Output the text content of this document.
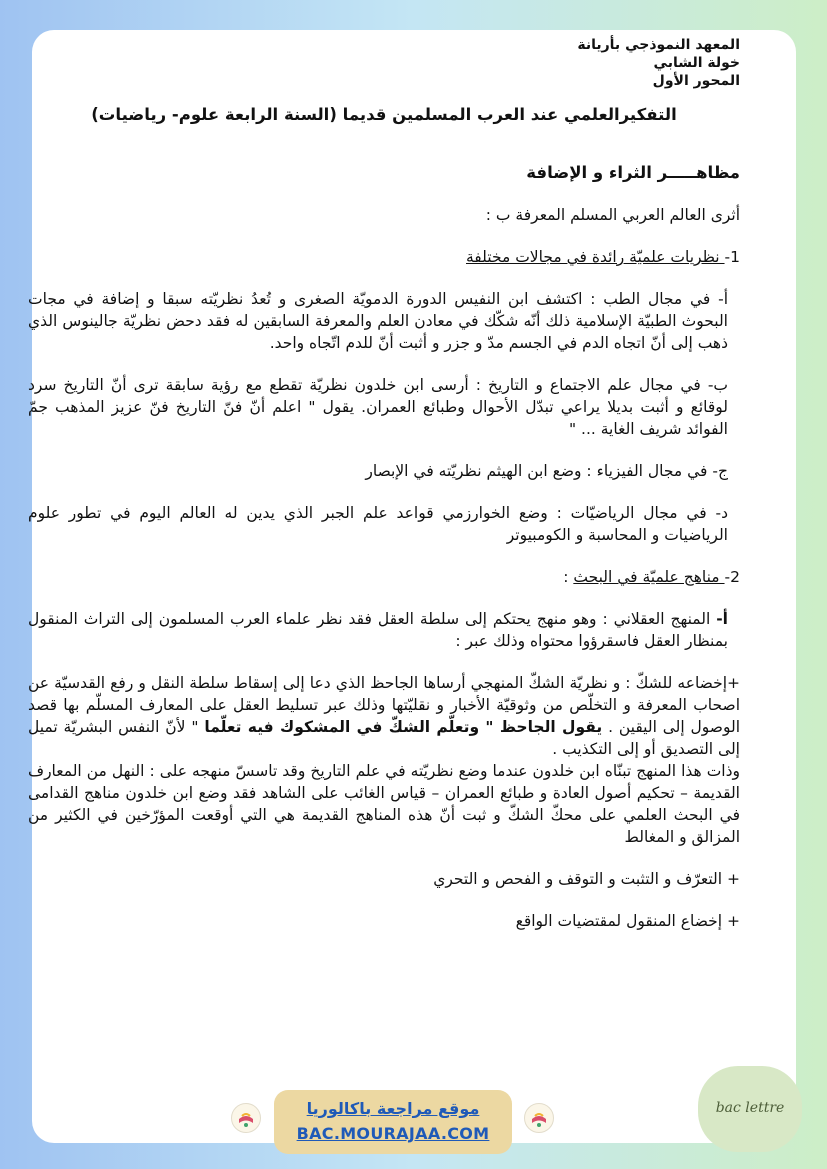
المعهد النموذجي بأريانة
خولة الشابي
المحور الأول
التفكيرالعلمي عند العرب المسلمين قديما (السنة الرابعة علوم- رياضيات)
مظاهـــــر الثراء و الإضافة

أثرى العالم العربي المسلم المعرفة ب :

1- نظريات علميّة رائدة في مجالات مختلفة

أ- في مجال الطب : اكتشف ابن النفيس الدورة الدمويّة الصغرى و تُعدُ نظريّته سبقا و إضافة في مجات البحوث الطبيّة الإسلامية ذلك أنّه شكّك في معادن العلم والمعرفة السابقين له فقد دحض نظريّة جالينوس الذي ذهب إلى أنّ اتجاه الدم في الجسم مدّ و جزر و أثبت أنّ للدم اتّجاه واحد.

ب- في مجال علم الاجتماع و التاريخ : أرسى ابن خلدون نظريّة تقطع مع رؤية سابقة ترى أنّ التاريخ سرد لوقائع و أثبت بديلا يراعي تبدّل الأحوال وطبائع العمران. يقول " اعلم أنّ فنّ التاريخ فنّ عزيز المذهب جمّ الفوائد شريف الغاية ... "

ج- في مجال الفيزياء : وضع ابن الهيثم نظريّته في الإبصار

د- في مجال الرياضيّات : وضع الخوارزمي قواعد علم الجبر الذي يدين له العالم اليوم في تطور علوم الرياضيات و المحاسبة و الكومبيوتر

2- مناهج علميّة في البحث :

أ- المنهج العقلاني : وهو منهج يحتكم إلى سلطة العقل فقد نظر علماء العرب المسلمون إلى التراث المنقول بمنظار العقل فاسقرؤوا محتواه وذلك عبر :

+إخضاعه للشكّ : و نظريّة الشكّ المنهجي أرساها الجاحظ الذي دعا إلى إسقاط سلطة النقل و رفع القدسيّة عن اصحاب المعرفة و التخلّص من وثوقيّة الأخبار و نقليّتها وذلك عبر تسليط العقل على المعارف المسلّم بها قصد الوصول إلى اليقين . يقول الجاحظ " وتعلّم الشكّ في المشكوك فيه تعلّما " لأنّ النفس البشريّة تميل إلى التصديق أو إلى التكذيب .

وذات هذا المنهج تبنّاه ابن خلدون عندما وضع نظريّته في علم التاريخ وقد تاسسّ منهجه على : النهل من المعارف القديمة – تحكيم أصول العادة و طبائع العمران – قياس الغائب على الشاهد فقد وضع ابن خلدون مناهج القدامى في البحث العلمي على محكّ الشكّ و ثبت أنّ هذه المناهج القديمة هي التي أوقعت المؤرّخين في الكثير من المزالق و المغالط

+ التعرّف و التثبت و التوقف و الفحص و التحري

+ إخضاع المنقول لمقتضيات الواقع

موقع مراجعة باكالوريا
BAC.MOURAJAA.COM
bac lettre
